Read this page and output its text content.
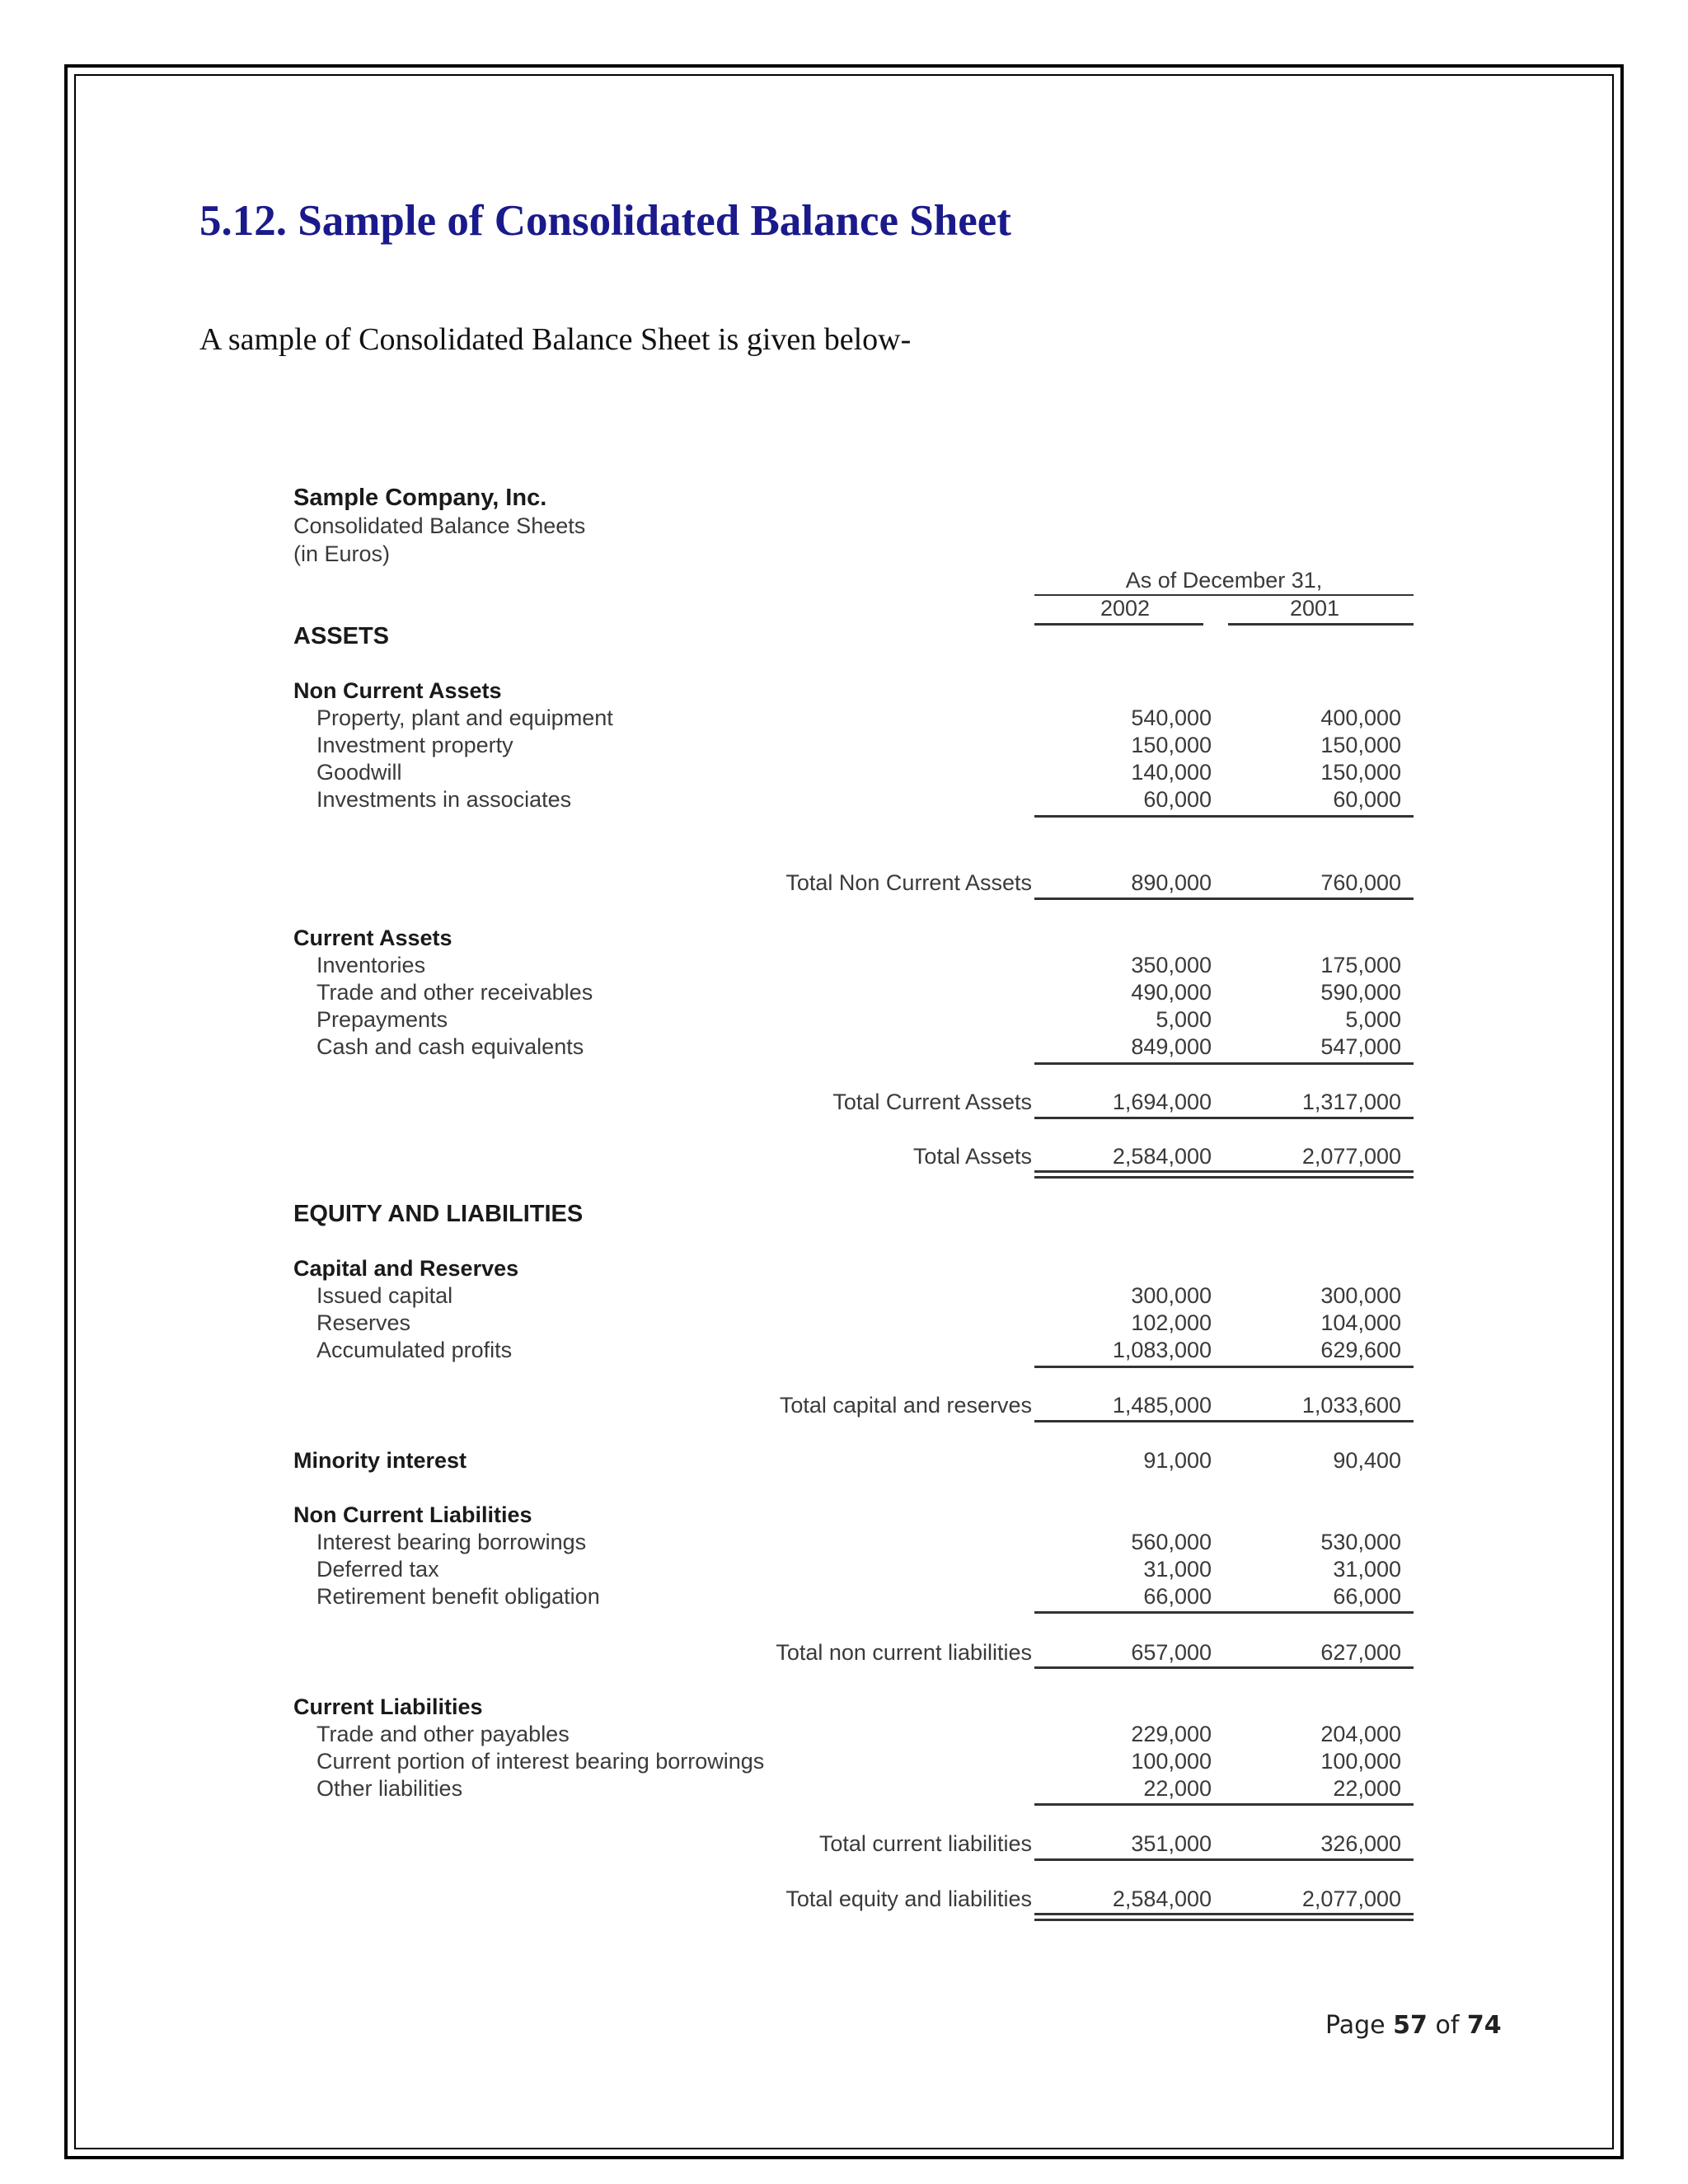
5.12. Sample of Consolidated Balance Sheet

A sample of Consolidated Balance Sheet is given below-

Sample Company, Inc.
Consolidated Balance Sheets
(in Euros)
As of December 31,
2002	2001
ASSETS
Non Current Assets
Property, plant and equipment	540,000	400,000
Investment property	150,000	150,000
Goodwill	140,000	150,000
Investments in associates	60,000	60,000
Total Non Current Assets	890,000	760,000
Current Assets
Inventories	350,000	175,000
Trade and other receivables	490,000	590,000
Prepayments	5,000	5,000
Cash and cash equivalents	849,000	547,000
Total Current Assets	1,694,000	1,317,000
Total Assets	2,584,000	2,077,000
EQUITY AND LIABILITIES
Capital and Reserves
Issued capital	300,000	300,000
Reserves	102,000	104,000
Accumulated profits	1,083,000	629,600
Total capital and reserves	1,485,000	1,033,600
Minority interest	91,000	90,400
Non Current Liabilities
Interest bearing borrowings	560,000	530,000
Deferred tax	31,000	31,000
Retirement benefit obligation	66,000	66,000
Total non current liabilities	657,000	627,000
Current Liabilities
Trade and other payables	229,000	204,000
Current portion of interest bearing borrowings	100,000	100,000
Other liabilities	22,000	22,000
Total current liabilities	351,000	326,000
Total equity and liabilities	2,584,000	2,077,000
Page 57 of 74
